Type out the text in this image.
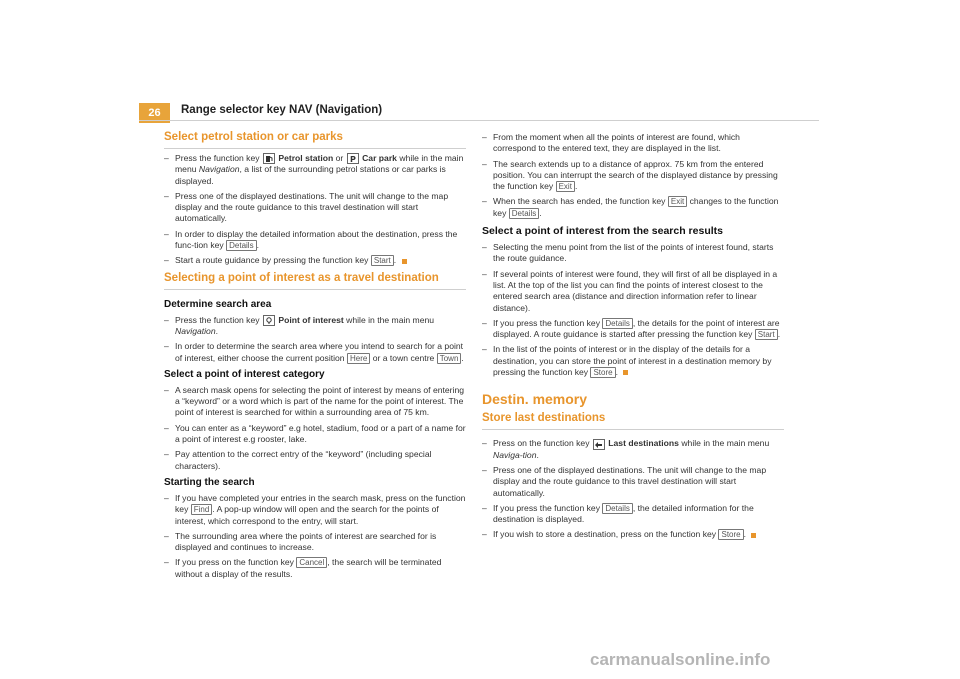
26	Range selector key NAV (Navigation)
Select petrol station or car parks
– Press the function key Petrol station or P Car park while in the main menu Navigation, a list of the surrounding petrol stations or car parks is displayed.
– Press one of the displayed destinations. The unit will change to the map display and the route guidance to this travel destination will start automatically.
– In order to display the detailed information about the destination, press the func-tion key Details .
– Start a route guidance by pressing the function key Start .
Selecting a point of interest as a travel destination
Determine search area
– Press the function key Point of interest while in the main menu Navigation.
– In order to determine the search area where you intend to search for a point of interest, either choose the current position Here or a town centre Town .
Select a point of interest category
– A search mask opens for selecting the point of interest by means of entering a “keyword” or a word which is part of the name for the point of interest. The point of interest is searched for within a surrounding area of 75 km.
– You can enter as a “keyword” e.g hotel, stadium, food or a part of a name for a point of interest e.g rooster, lake.
– Pay attention to the correct entry of the “keyword” (including special characters).
Starting the search
– If you have completed your entries in the search mask, press on the function key Find . A pop-up window will open and the search for the points of interest, which correspond to the entry, will start.
– The surrounding area where the points of interest are searched for is displayed and continues to increase.
– If you press on the function key Cancel , the search will be terminated without a display of the results.
– From the moment when all the points of interest are found, which correspond to the entered text, they are displayed in the list.
– The search extends up to a distance of approx. 75 km from the entered position. You can interrupt the search of the displayed distance by pressing the function key Exit .
– When the search has ended, the function key Exit changes to the function key Details .
Select a point of interest from the search results
– Selecting the menu point from the list of the points of interest found, starts the route guidance.
– If several points of interest were found, they will first of all be displayed in a list. At the top of the list you can find the points of interest closest to the entered search area (distance and direction information refer to linear distance).
– If you press the function key Details , the details for the point of interest are displayed. A route guidance is started after pressing the function key Start .
– In the list of the points of interest or in the display of the details for a destination, you can store the point of interest in a destination memory by pressing the function key Store .
Destin. memory
Store last destinations
– Press on the function key Last destinations while in the main menu Naviga-tion.
– Press one of the displayed destinations. The unit will change to the map display and the route guidance to this travel destination will start automatically.
– If you press the function key Details , the detailed information for the destination is displayed.
– If you wish to store a destination, press on the function key Store .
carmanualsonline.info
